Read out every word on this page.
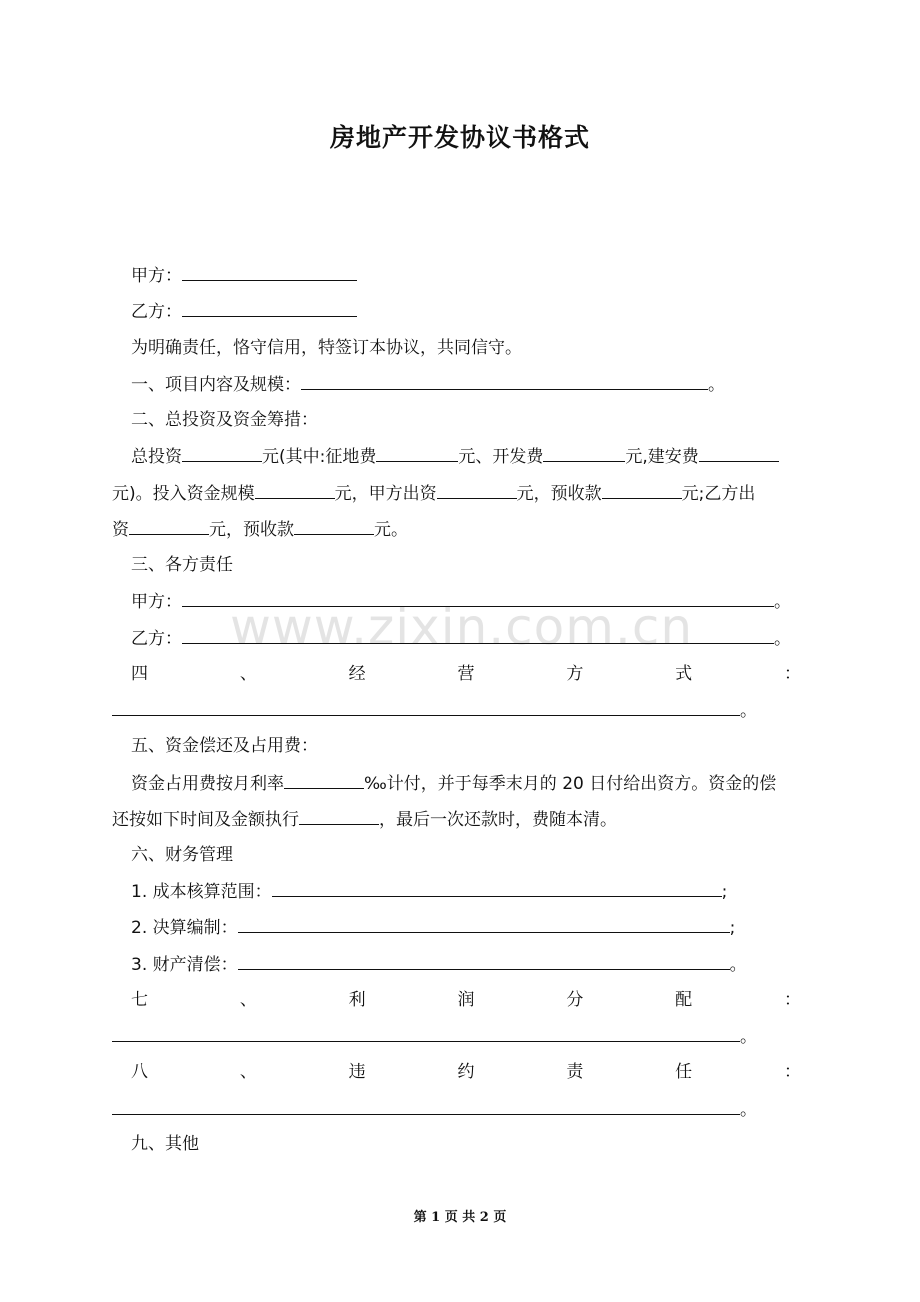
房地产开发协议书格式
www.zixin.com.cn
甲方：
乙方：
为明确责任，恪守信用，特签订本协议，共同信守。
一、项目内容及规模：	。
二、总投资及资金筹措：
总投资	元(其中:征地费	元、开发费	元,建安费
元)。投入资金规模	元，甲方出资	元，预收款	元;乙方出
资	元，预收款	元。
三、各方责任
甲方：	。
乙方：	。
四	、	经	营	方	式	：
。
五、资金偿还及占用费：
资金占用费按月利率	‰计付，并于每季末月的 20 日付给出资方。资金的偿
还按如下时间及金额执行	，最后一次还款时，费随本清。
六、财务管理
1. 成本核算范围：	;
2. 决算编制：	;
3. 财产清偿：	。
七	、	利	润	分	配	：
。
八	、	违	约	责	任	：
。
九、其他
第 1 页 共 2 页
